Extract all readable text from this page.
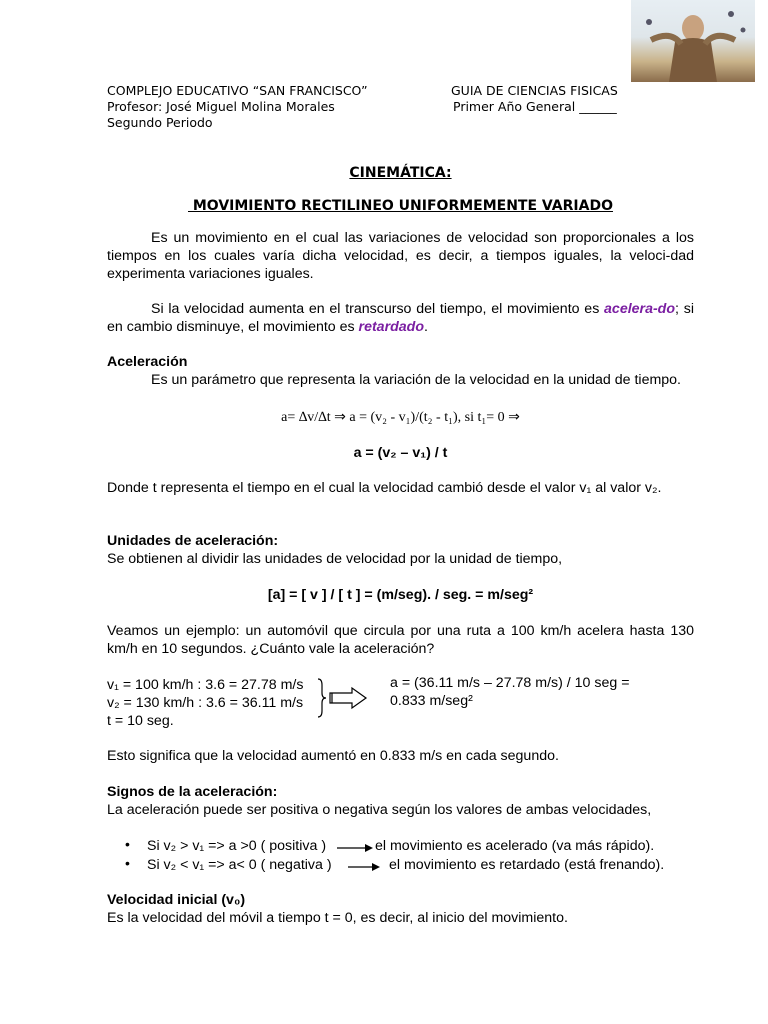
COMPLEJO EDUCATIVO “SAN FRANCISCO”
Profesor: José Miguel Molina Morales
Segundo Periodo
GUIA DE CIENCIAS FISICAS
Primer Año General ______
CINEMÁTICA:
MOVIMIENTO RECTILINEO UNIFORMEMENTE VARIADO
Es un movimiento en el cual las variaciones de velocidad son proporcionales a los tiempos en los cuales varía dicha velocidad, es decir, a tiempos iguales, la veloci-dad experimenta variaciones iguales.
Si la velocidad aumenta en el transcurso del tiempo, el movimiento es acelera-do; si en cambio disminuye, el movimiento es retardado.
Aceleración
Es un parámetro que representa la variación de la velocidad en la unidad de tiempo.
a= ∆v/∆t ⇒ a = (v₂ - v₁)/(t₂ - t₁), si t₁= 0 ⇒
a = (v₂ – v₁) / t
Donde t representa el tiempo en el cual la velocidad cambió desde el valor v₁ al valor v₂.
Unidades de aceleración:
Se obtienen al dividir las unidades de velocidad por la unidad de tiempo,
[a] = [ v ] / [ t ] = (m/seg). / seg. = m/seg²
Veamos un ejemplo: un automóvil que circula por una ruta a 100 km/h acelera hasta 130 km/h en 10 segundos. ¿Cuánto vale la aceleración?
v₁ = 100 km/h : 3.6 = 27.78 m/s
v₂ = 130 km/h : 3.6 = 36.11 m/s
t = 10 seg.
a = (36.11 m/s – 27.78 m/s) / 10 seg =
0.833 m/seg²
Esto significa que la velocidad aumentó en 0.833 m/s en cada segundo.
Signos de la aceleración:
La aceleración puede ser positiva o negativa según los valores de ambas velocidades,
• Si v₂ > v₁ => a >0 ( positiva )	el movimiento es acelerado (va más rápido).
• Si v₂ < v₁ => a< 0 ( negativa )	el movimiento es retardado (está frenando).
Velocidad inicial (v₀)
Es la velocidad del móvil a tiempo t = 0, es decir, al inicio del movimiento.
